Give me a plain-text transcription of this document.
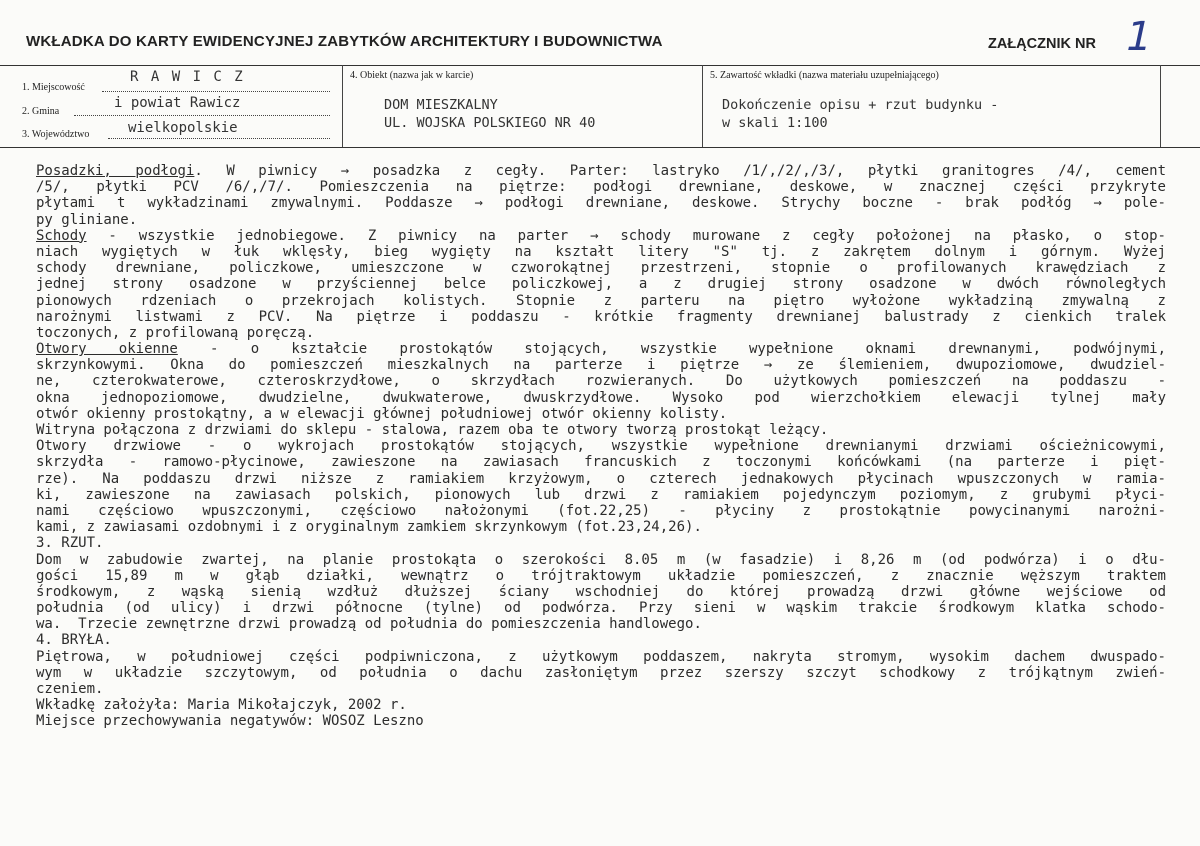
WKŁADKA DO KARTY EWIDENCYJNEJ ZABYTKÓW ARCHITEKTURY I BUDOWNICTWA	ZAŁĄCZNIK NR 1
1. Miejscowość
R A W I C Z
2. Gmina
i powiat Rawicz
3. Województwo	wielkopolskie
4. Obiekt (nazwa jak w karcie)
DOM MIESZKALNY
UL. WOJSKA POLSKIEGO NR 40
5. Zawartość wkładki (nazwa materiału uzupełniającego)
Dokończenie opisu + rzut budynku -
w skali 1:100
Posadzki, podłogi. W piwnicy → posadzka z cegły. Parter: lastryko /1/,/2/,/3/, płytki granitogres /4/, cement
/5/, płytki PCV /6/,/7/. Pomieszczenia na piętrze: podłogi drewniane, deskowe, w znacznej części przykryte
płytami t wykładzinami zmywalnymi. Poddasze → podłogi drewniane, deskowe. Strychy boczne - brak podłóg → pole-
py gliniane.
Schody - wszystkie jednobiegowe. Z piwnicy na parter → schody murowane z cegły położonej na płasko, o stop-
niach wygiętych w łuk wklęsły, bieg wygięty na kształt litery "S" tj. z zakrętem dolnym i górnym. Wyżej
schody drewniane, policzkowe, umieszczone w czworokątnej przestrzeni, stopnie o profilowanych krawędziach z
jednej strony osadzone w przyściennej belce policzkowej, a z drugiej strony osadzone w dwóch równoległych
pionowych rdzeniach o przekrojach kolistych. Stopnie z parteru na piętro wyłożone wykładziną zmywalną z
narożnymi listwami z PCV. Na piętrze i poddaszu - krótkie fragmenty drewnianej balustrady z cienkich tralek
toczonych, z profilowaną poręczą.
Otwory okienne - o kształcie prostokątów stojących, wszystkie wypełnione oknami drewnanymi, podwójnymi,
skrzynkowymi. Okna do pomieszczeń mieszkalnych na parterze i piętrze → ze ślemieniem, dwupoziomowe, dwudziel-
ne, czterokwaterowe, czteroskrzydłowe, o skrzydłach rozwieranych. Do użytkowych pomieszczeń na poddaszu -
okna jednopoziomowe, dwudzielne, dwukwaterowe, dwuskrzydłowe. Wysoko pod wierzchołkiem elewacji tylnej mały
otwór okienny prostokątny, a w elewacji głównej południowej otwór okienny kolisty.
Witryna połączona z drzwiami do sklepu - stalowa, razem oba te otwory tworzą prostokąt leżący.
Otwory drzwiowe - o wykrojach prostokątów stojących, wszystkie wypełnione drewnianymi drzwiami ościeżnicowymi,
skrzydła - ramowo-płycinowe, zawieszone na zawiasach francuskich z toczonymi końcówkami (na parterze i pięt-
rze). Na poddaszu drzwi niższe z ramiakiem krzyżowym, o czterech jednakowych płycinach wpuszczonych w ramia-
ki, zawieszone na zawiasach polskich, pionowych lub drzwi z ramiakiem pojedynczym poziomym, z grubymi płyci-
nami częściowo wpuszczonymi, częściowo nałożonymi (fot.22,25) - płyciny z prostokątnie powycinanymi narożni-
kami, z zawiasami ozdobnymi i z oryginalnym zamkiem skrzynkowym (fot.23,24,26).
3. RZUT.
Dom w zabudowie zwartej, na planie prostokąta o szerokości 8.05 m (w fasadzie) i 8,26 m (od podwórza) i o dłu-
gości 15,89 m w głąb działki, wewnątrz o trójtraktowym układzie pomieszczeń, z znacznie węższym traktem
środkowym, z wąską sienią wzdłuż dłuższej ściany wschodniej do której prowadzą drzwi główne wejściowe od
południa (od ulicy) i drzwi północne (tylne) od podwórza. Przy sieni w wąskim trakcie środkowym klatka schodo-
wa.  Trzecie zewnętrzne drzwi prowadzą od południa do pomieszczenia handlowego.
4. BRYŁA.
Piętrowa, w południowej części podpiwniczona, z użytkowym poddaszem, nakryta stromym, wysokim dachem dwuspado-
wym w układzie szczytowym, od południa o dachu zasłoniętym przez szerszy szczyt schodkowy z trójkątnym zwień-
czeniem.
Wkładkę założyła: Maria Mikołajczyk, 2002 r.
Miejsce przechowywania negatywów: WOSOZ Leszno
